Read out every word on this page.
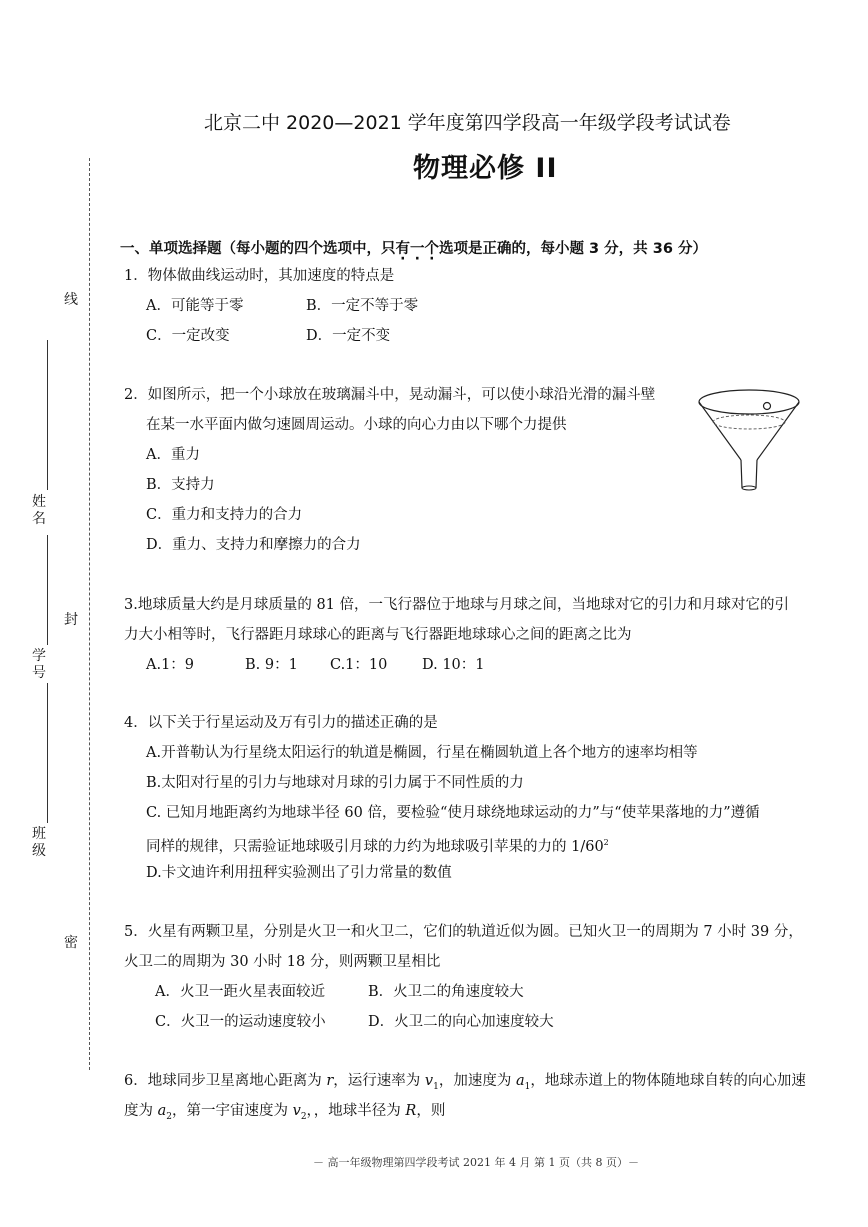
线
封
密
姓名
学号
班级
北京二中 2020—2021 学年度第四学段高一年级学段考试试卷
物理必修 II
一、单项选择题（每小题的四个选项中，只有一个选项是正确的，每小题 3 分，共 36 分）
1．物体做曲线运动时，其加速度的特点是
A．可能等于零	B．一定不等于零
C．一定改变	D．一定不变
2．如图所示，把一个小球放在玻璃漏斗中，晃动漏斗，可以使小球沿光滑的漏斗壁
在某一水平面内做匀速圆周运动。小球的向心力由以下哪个力提供
A．重力
B．支持力
C．重力和支持力的合力
D．重力、支持力和摩擦力的合力
3.地球质量大约是月球质量的 81 倍，一飞行器位于地球与月球之间，当地球对它的引力和月球对它的引
力大小相等时，飞行器距月球球心的距离与飞行器距地球球心之间的距离之比为
A.1：9	B. 9：1 C.1：10 D. 10：1
4．以下关于行星运动及万有引力的描述正确的是
A.开普勒认为行星绕太阳运行的轨道是椭圆，行星在椭圆轨道上各个地方的速率均相等
B.太阳对行星的引力与地球对月球的引力属于不同性质的力
C. 已知月地距离约为地球半径 60 倍，要检验“使月球绕地球运动的力”与“使苹果落地的力”遵循
同样的规律，只需验证地球吸引月球的力约为地球吸引苹果的力的 $1/60^2$
D.卡文迪许利用扭秤实验测出了引力常量的数值
5．火星有两颗卫星，分别是火卫一和火卫二，它们的轨道近似为圆。已知火卫一的周期为 7 小时 39 分，
火卫二的周期为 30 小时 18 分，则两颗卫星相比
A．火卫一距火星表面较近	B．火卫二的角速度较大
C．火卫一的运动速度较小	D．火卫二的向心加速度较大
6．地球同步卫星离地心距离为 r，运行速率为 $v_1$，加速度为 $a_1$，地球赤道上的物体随地球自转的向心加速
度为 $a_2$，第一宇宙速度为 $v_2$，，地球半径为 R，则
－ 高一年级物理第四学段考试 2021 年 4 月 第 1 页（共 8 页）－
